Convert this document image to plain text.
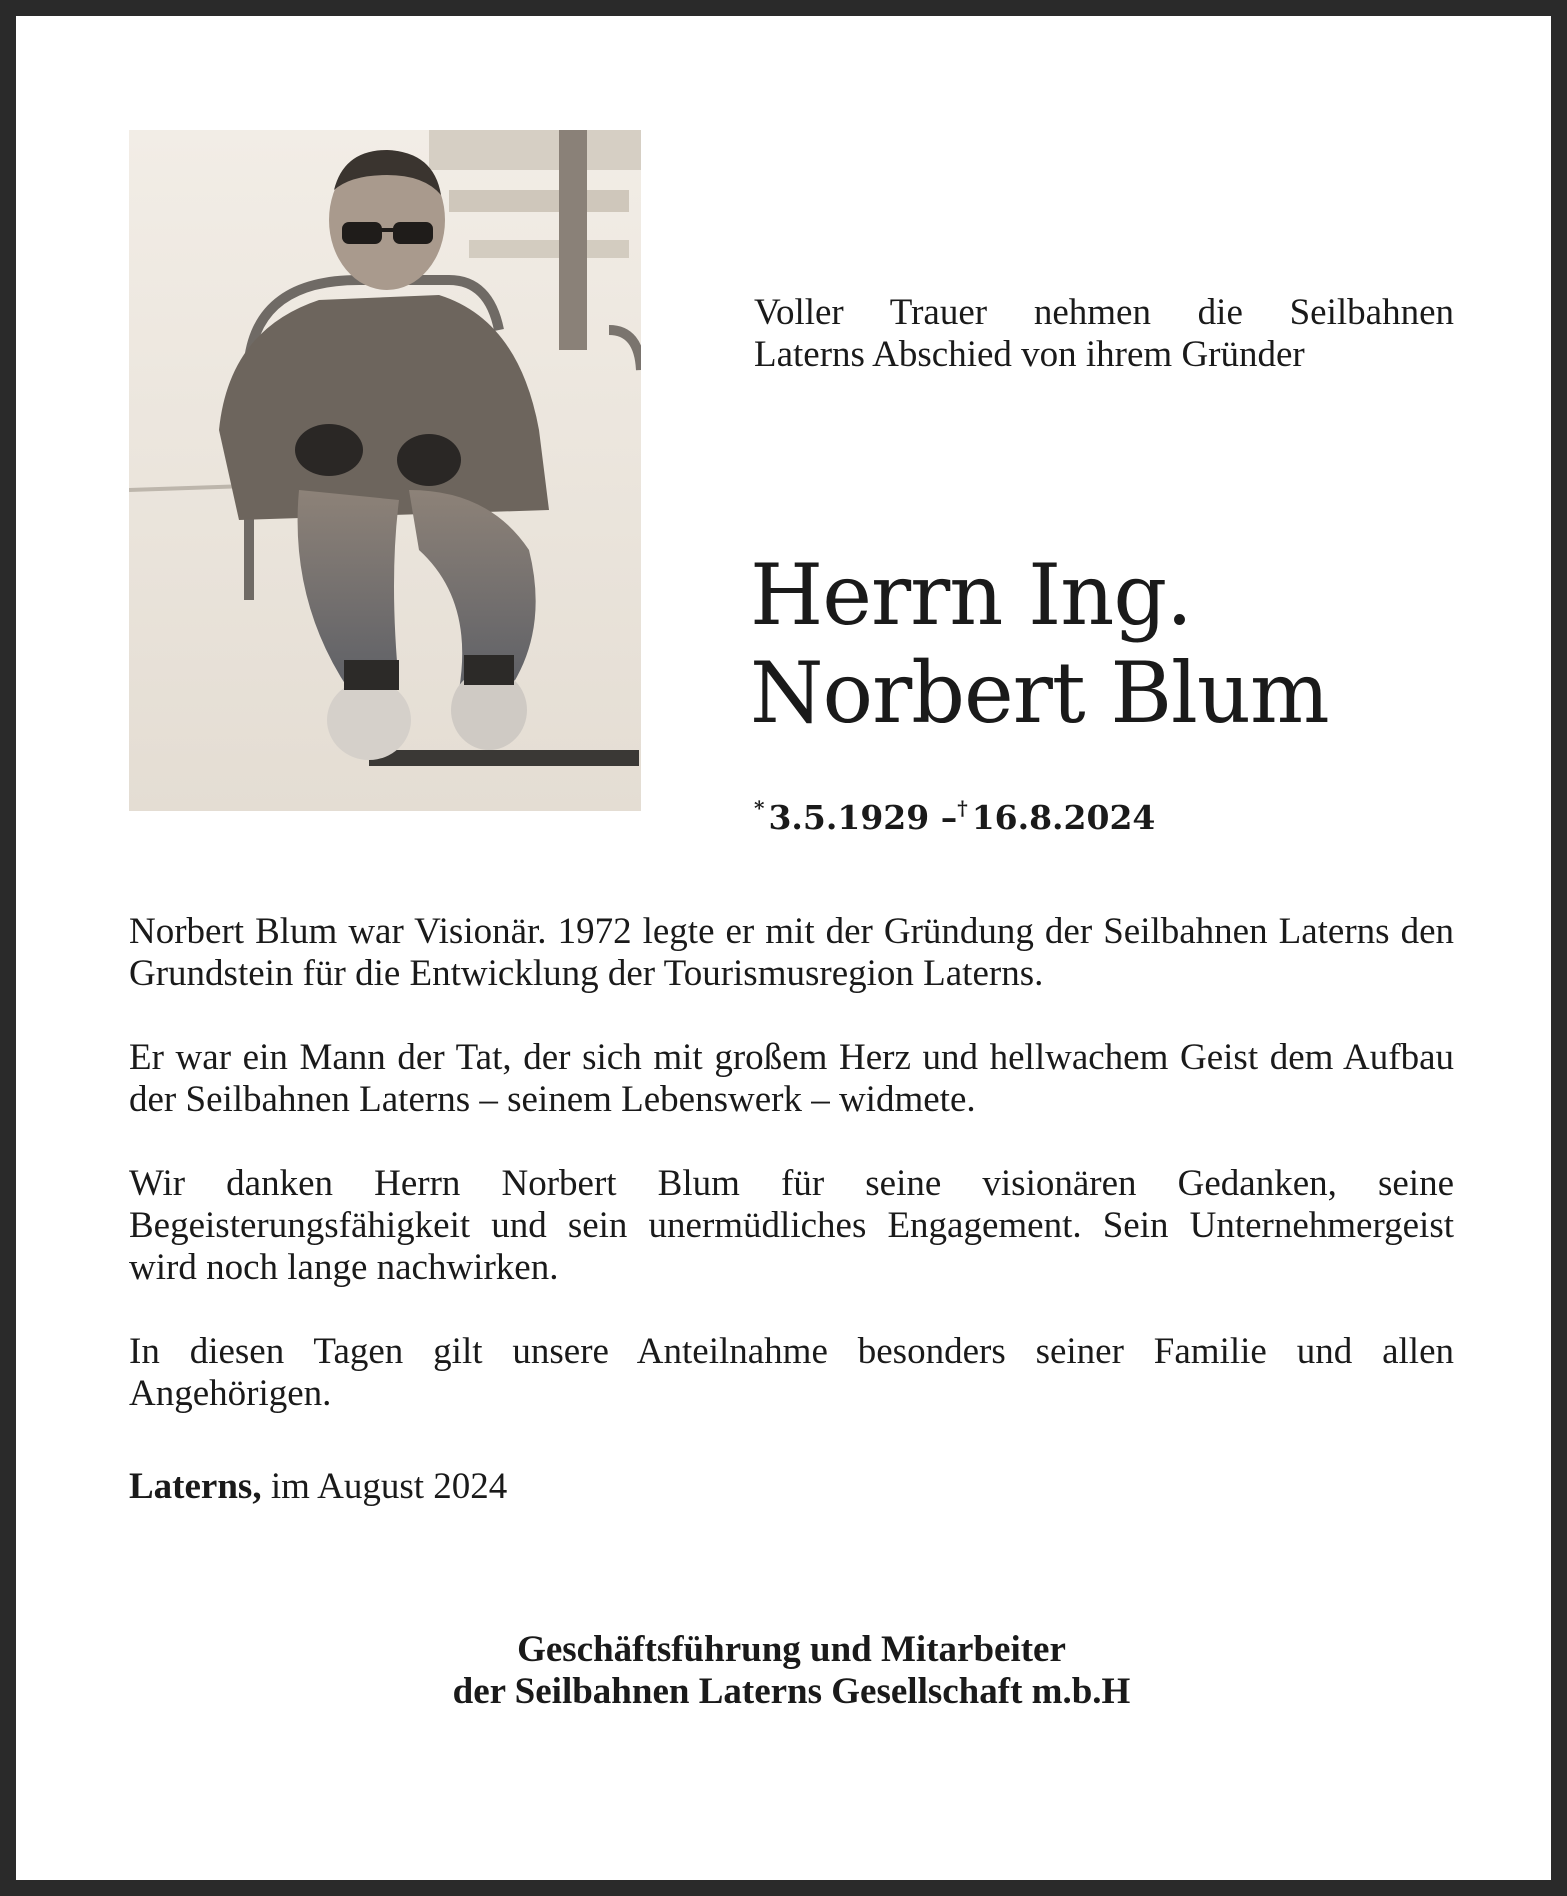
Voller Trauer nehmen die Seilbahnen
Laterns Abschied von ihrem Gründer

Herrn Ing.
Norbert Blum
* 3.5.1929 –† 16.8.2024

Norbert Blum war Visionär. 1972 legte er mit der Gründung der Seilbahnen Laterns den Grundstein für die Entwicklung der Tourismusregion Laterns.

Er war ein Mann der Tat, der sich mit großem Herz und hellwachem Geist dem Aufbau der Seilbahnen Laterns – seinem Lebenswerk – widmete.

Wir danken Herrn Norbert Blum für seine visionären Gedanken, seine Begeisterungsfähigkeit und sein unermüdliches Engagement. Sein Unternehmergeist wird noch lange nachwirken.

In diesen Tagen gilt unsere Anteilnahme besonders seiner Familie und allen Angehörigen.

Laterns, im August 2024
Geschäftsführung und Mitarbeiter
der Seilbahnen Laterns Gesellschaft m.b.H
